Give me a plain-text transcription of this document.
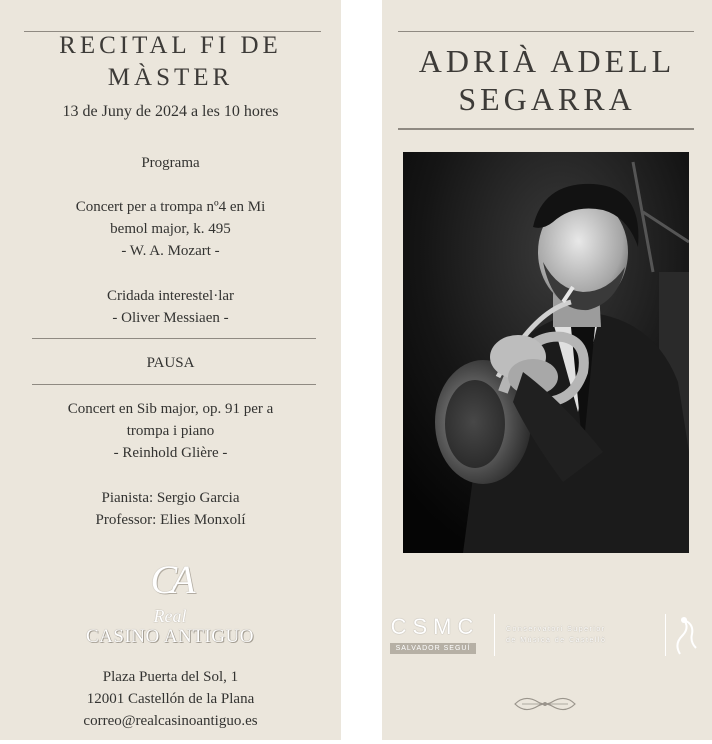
RECITAL FI DE
MÀSTER
13 de Juny de 2024 a les 10 hores
Programa
Concert per a trompa nº4 en Mi
bemol major, k. 495
- W. A. Mozart -
Cridada interestel·lar
- Oliver Messiaen -
PAUSA
Concert en Sib major, op. 91 per a
trompa i piano
- Reinhold Glière -
Pianista: Sergio Garcia
Professor: Elies Monxolí
CA
Real
CASINO ANTIGUO
Plaza Puerta del Sol, 1
12001 Castellón de la Plana
correo@realcasinoantiguo.es
ADRIÀ ADELL
SEGARRA
CSMC
SALVADOR SEGUÍ
Conservatori Superior
de Música de Castelló
